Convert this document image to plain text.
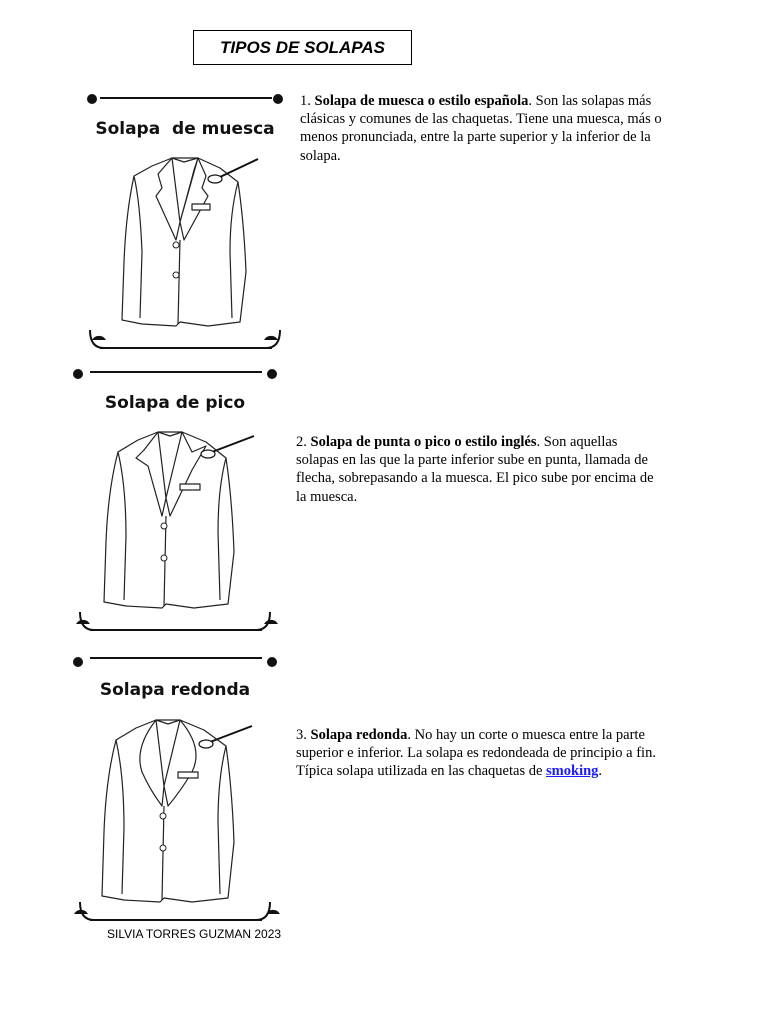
TIPOS DE SOLAPAS
Solapa  de muesca
Solapa de pico
Solapa redonda
1. Solapa de muesca o estilo española. Son las solapas más clásicas y comunes de las chaquetas. Tiene una muesca, más o menos pronunciada, entre la parte superior y la inferior de la solapa.
2. Solapa de punta o pico o estilo inglés. Son aquellas solapas en las que la parte inferior sube en punta, llamada de flecha, sobrepasando a la muesca. El pico sube por encima de la muesca.
3. Solapa redonda. No hay un corte o muesca entre la parte superior e inferior. La solapa es redondeada de principio a fin. Típica solapa utilizada en las chaquetas de smoking.
SILVIA TORRES GUZMAN 2023
